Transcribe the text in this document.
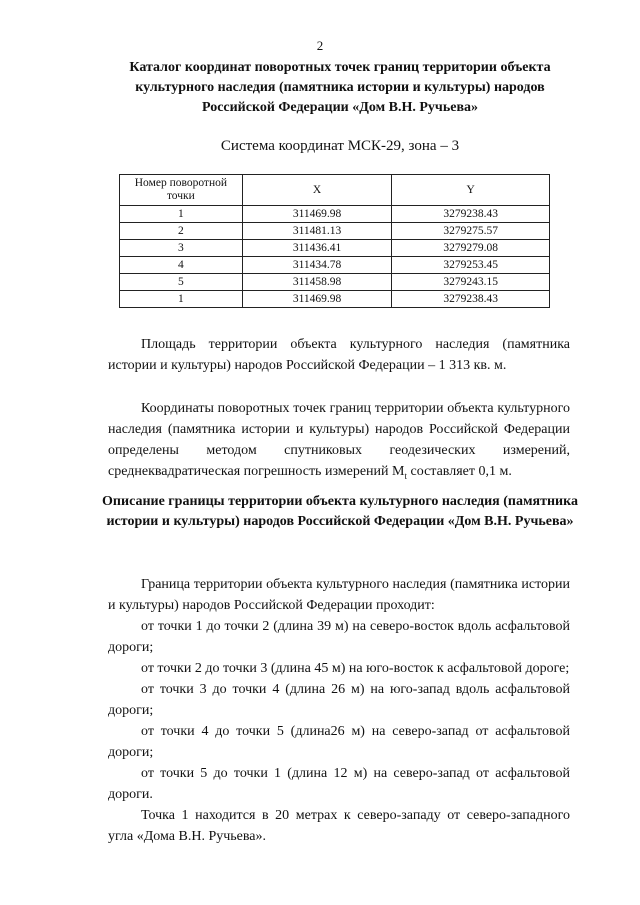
2
Каталог координат поворотных точек границ территории объекта культурного наследия (памятника истории и культуры) народов Российской Федерации «Дом В.Н. Ручьева»
Система координат МСК-29, зона – 3
Номер поворотной точки	X	Y
1	311469.98	3279238.43
2	311481.13	3279275.57
3	311436.41	3279279.08
4	311434.78	3279253.45
5	311458.98	3279243.15
1	311469.98	3279238.43
Площадь территории объекта культурного наследия (памятника истории и культуры) народов Российской Федерации – 1 313 кв. м.
Координаты поворотных точек границ территории объекта культурного наследия (памятника истории и культуры) народов Российской Федерации определены методом спутниковых геодезических измерений, среднеквадратическая погрешность измерений $M_t$ составляет 0,1 м.
Описание границы территории объекта культурного наследия (памятника истории и культуры) народов Российской Федерации «Дом В.Н. Ручьева»
Граница территории объекта культурного наследия (памятника истории и культуры) народов Российской Федерации проходит:
от точки 1 до точки 2 (длина 39 м) на северо-восток вдоль асфальтовой дороги;
от точки 2 до точки 3 (длина 45 м) на юго-восток к асфальтовой дороге;
от точки 3 до точки 4 (длина 26 м) на юго-запад вдоль асфальтовой дороги;
от точки 4 до точки 5 (длина26 м) на северо-запад от асфальтовой дороги;
от точки 5 до точки 1 (длина 12 м) на северо-запад от асфальтовой дороги.
Точка 1 находится в 20 метрах к северо-западу от северо-западного угла «Дома В.Н. Ручьева».
